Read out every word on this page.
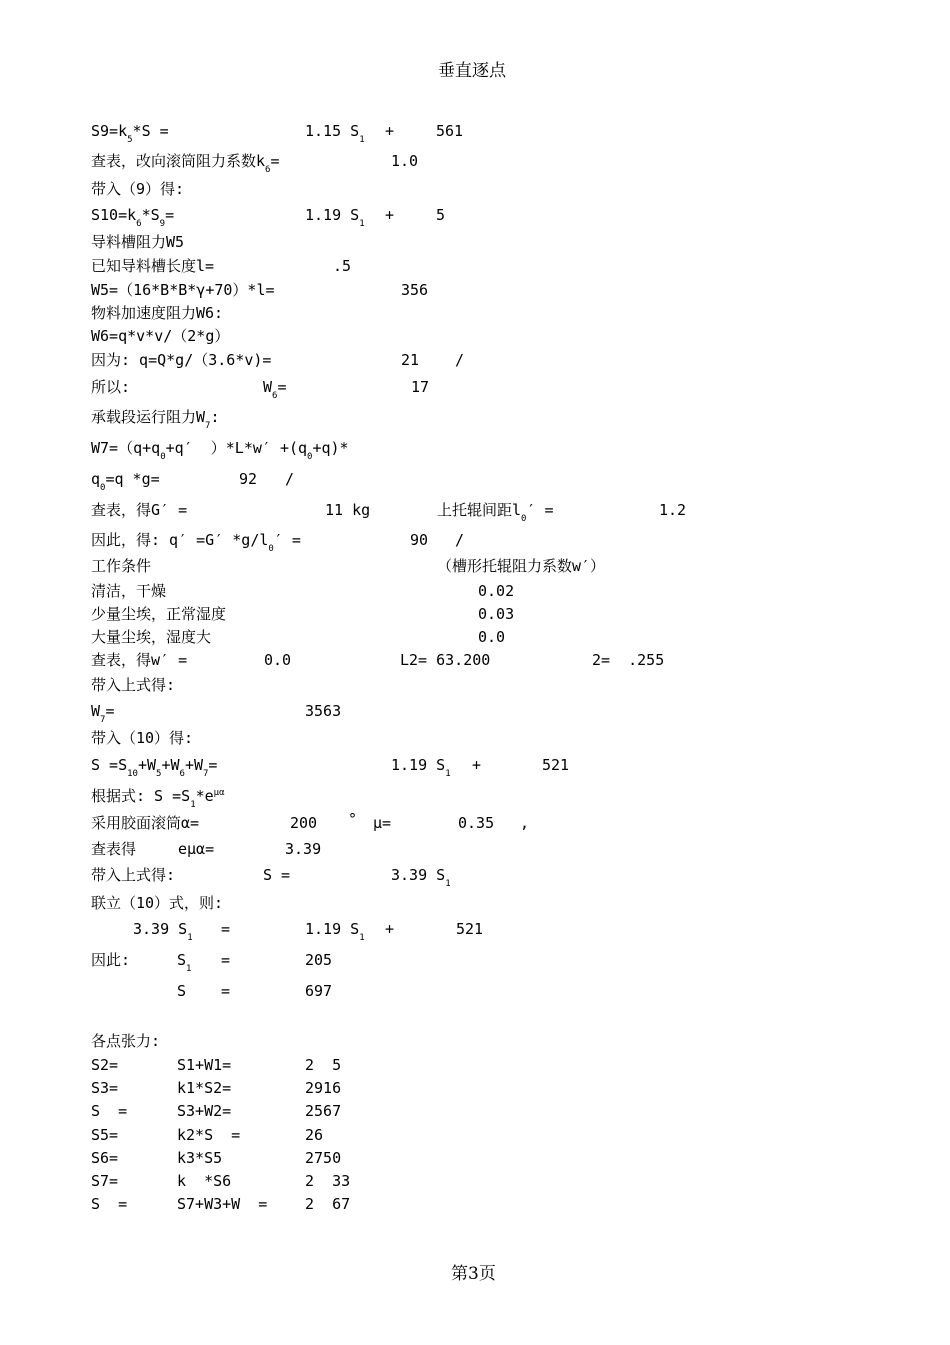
垂直逐点
$S9=k_5*S$ =	1.15 $S_1$ +	561
查表，改向滚筒阻力系数$k_6=$	1.0
带入（9）得:
$S10=k_6*S_9=$	1.19 $S_1$ +	5
导料槽阻力W5
已知导料槽长度l=	.5
W5=（16*B*B*γ+70）*l=	356
物料加速度阻力W6:
W6=q*v*v/（2*g）
因为: q=Q*g/（3.6*v)=	21 /
所以:	$W_6=$	17
承载段运行阻力$W_7$:
$W7=(q+q_0+q'$  ）$*L*w' +(q_0+q)*$
$q_0=q$ *g=	92 /
查表，得G′ =	11 kg	上托辊间距$l_0'$ =	1.2
因此，得: q′ =G′ $*g/l_0'$ =	90 /
工作条件	（槽形托辊阻力系数w′）
清洁，干燥	0.02
少量尘埃，正常湿度	0.03
大量尘埃，湿度大	0.0
查表，得w′ =	0.0	L2= 63.200	2=  .255
带入上式得:
$W_7=$	3563
带入（10）得:
$S =S_{10}+W_5+W_6+W_7=$	1.19 $S_1$ +	521
根据式: $S =S_1*e^{\mu\alpha}$
采用胶面滚筒α=	200 ° μ=	0.35 ,
查表得	eμα=	3.39
带入上式得:	S =	3.39 $S_1$
联立（10）式，则:
3.39 $S_1$ =	1.19 $S_1$ +	521
因此:	$S_1$ =	205
S =	697
各点张力:
S2=	S1+W1=	2  5
S3=	k1*S2=	2916
S  =	S3+W2=	2567
S5=	k2*S  =	26
S6=	k3*S5	2750
S7=	k  *S6	2  33
S  =	S7+W3+W  =	2  67
第3页
